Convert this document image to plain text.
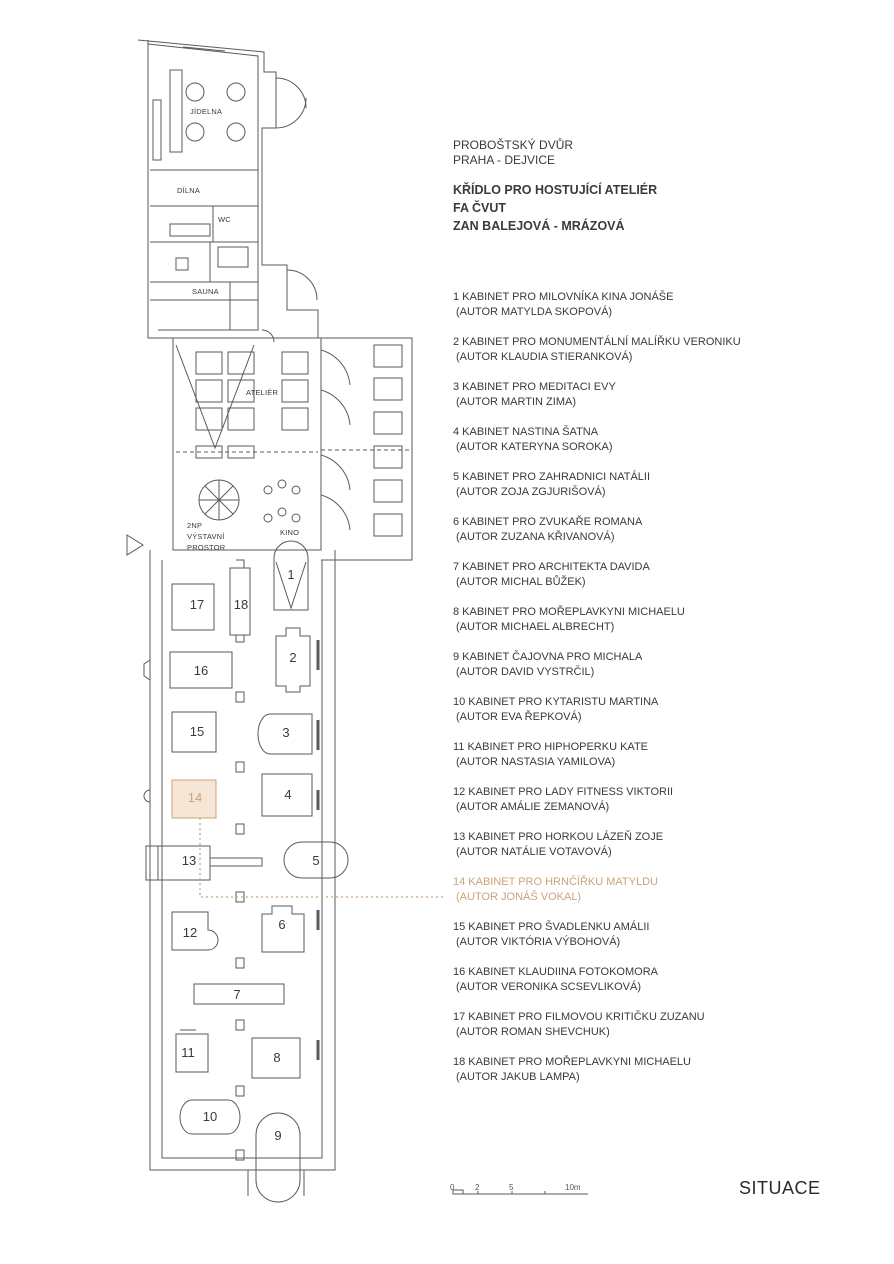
JÍDELNA
DÍLNA
WC
SAUNA
ATELIÉR
KINO
2NP
VÝSTAVNÍ
PROSTOR
1
2
3
4
5
6
7
8
9
10
11
12
13
14
15
16
17 18
0	2	5	10m

PROBOŠTSKÝ DVŮR

PRAHA - DEJVICE

KŘÍDLO PRO HOSTUJÍCÍ ATELIÉR
FA ČVUT
ZAN BALEJOVÁ - MRÁZOVÁ
1 KABINET PRO MILOVNÍKA KINA JONÁŠE
(AUTOR MATYLDA SKOPOVÁ)
2 KABINET PRO MONUMENTÁLNÍ MALÍŘKU VERONIKU
(AUTOR KLAUDIA STIERANKOVÁ)
3 KABINET PRO MEDITACI EVY
(AUTOR MARTIN ZIMA)
4 KABINET NASTINA ŠATNA
(AUTOR KATERYNA SOROKA)
5 KABINET PRO ZAHRADNICI NATÁLII
(AUTOR ZOJA ZGJURIŠOVÁ)
6 KABINET PRO ZVUKAŘE ROMANA
(AUTOR ZUZANA KŘIVANOVÁ)
7 KABINET PRO ARCHITEKTA DAVIDA
(AUTOR MICHAL BŮŽEK)
8 KABINET PRO MOŘEPLAVKYNI MICHAELU
(AUTOR MICHAEL ALBRECHT)
9 KABINET ČAJOVNA PRO MICHALA
(AUTOR DAVID VYSTRČIL)
10 KABINET PRO KYTARISTU MARTINA
(AUTOR EVA ŘEPKOVÁ)
11 KABINET PRO HIPHOPERKU KATE
(AUTOR NASTASIA YAMILOVA)
12 KABINET PRO LADY FITNESS VIKTORII
(AUTOR AMÁLIE ZEMANOVÁ)
13 KABINET PRO HORKOU LÁZEŇ ZOJE
(AUTOR NATÁLIE VOTAVOVÁ)
14 KABINET PRO HRNČÍŘKU MATYLDU
(AUTOR JONÁŠ VOKAL)
15 KABINET PRO ŠVADLENKU AMÁLII
(AUTOR VIKTÓRIA VÝBOHOVÁ)
16 KABINET KLAUDIINA FOTOKOMORA
(AUTOR VERONIKA SCSEVLIKOVÁ)
17 KABINET PRO FILMOVOU KRITIČKU ZUZANU
(AUTOR ROMAN SHEVCHUK)
18 KABINET PRO MOŘEPLAVKYNI MICHAELU
(AUTOR JAKUB LAMPA)
SITUACE
